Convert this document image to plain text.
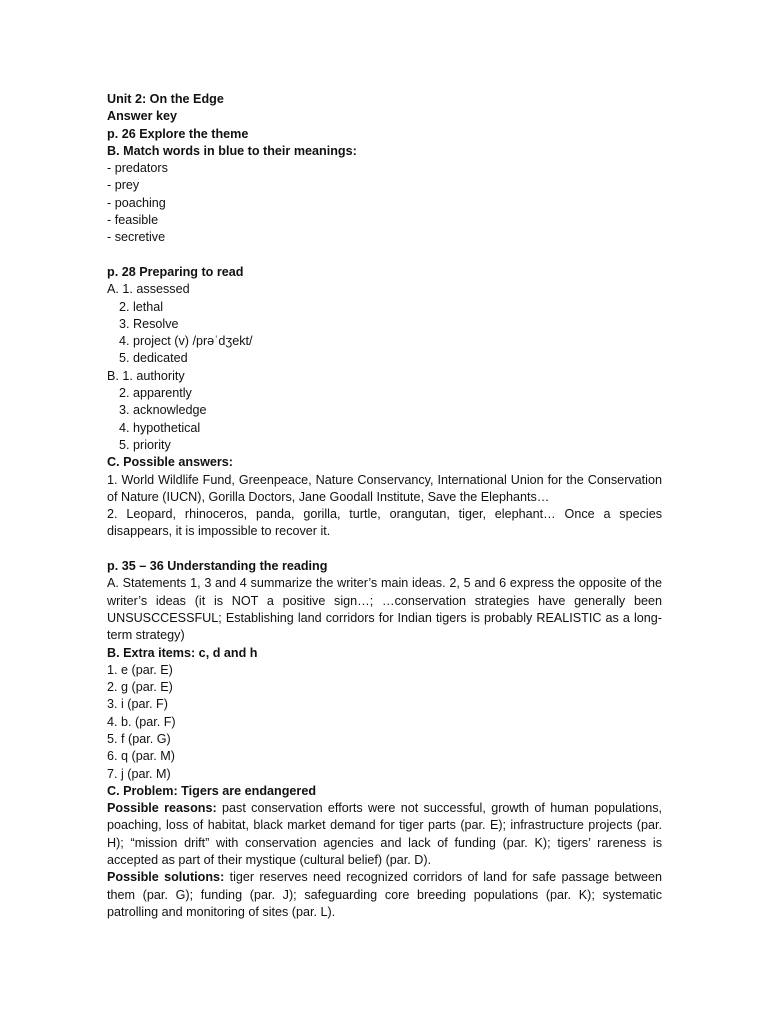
Unit 2: On the Edge
Answer key
p. 26 Explore the theme
B. Match words in blue to their meanings:
- predators
- prey
- poaching
- feasible
- secretive
p. 28 Preparing to read
A. 1. assessed
2. lethal
3. Resolve
4. project (v) /prəˈdʒekt/
5. dedicated
B. 1. authority
2. apparently
3. acknowledge
4. hypothetical
5. priority
C. Possible answers:
1. World Wildlife Fund, Greenpeace, Nature Conservancy, International Union for the Conservation of Nature (IUCN), Gorilla Doctors, Jane Goodall Institute, Save the Elephants…
2. Leopard, rhinoceros, panda, gorilla, turtle, orangutan, tiger, elephant… Once a species disappears, it is impossible to recover it.
p. 35 – 36 Understanding the reading
A. Statements 1, 3 and 4 summarize the writer’s main ideas. 2, 5 and 6 express the opposite of the writer’s ideas (it is NOT a positive sign…; …conservation strategies have generally been UNSUSCCESSFUL; Establishing land corridors for Indian tigers is probably REALISTIC as a long-term strategy)
B. Extra items: c, d and h
1. e (par. E)
2. g (par. E)
3. i (par. F)
4. b. (par. F)
5. f (par. G)
6. q (par. M)
7. j (par. M)
C. Problem: Tigers are endangered
Possible reasons: past conservation efforts were not successful, growth of human populations, poaching, loss of habitat, black market demand for tiger parts (par. E); infrastructure projects (par. H); “mission drift” with conservation agencies and lack of funding (par. K); tigers’ rareness is accepted as part of their mystique (cultural belief) (par. D).
Possible solutions: tiger reserves need recognized corridors of land for safe passage between them (par. G); funding (par. J); safeguarding core breeding populations (par. K); systematic patrolling and monitoring of sites (par. L).
